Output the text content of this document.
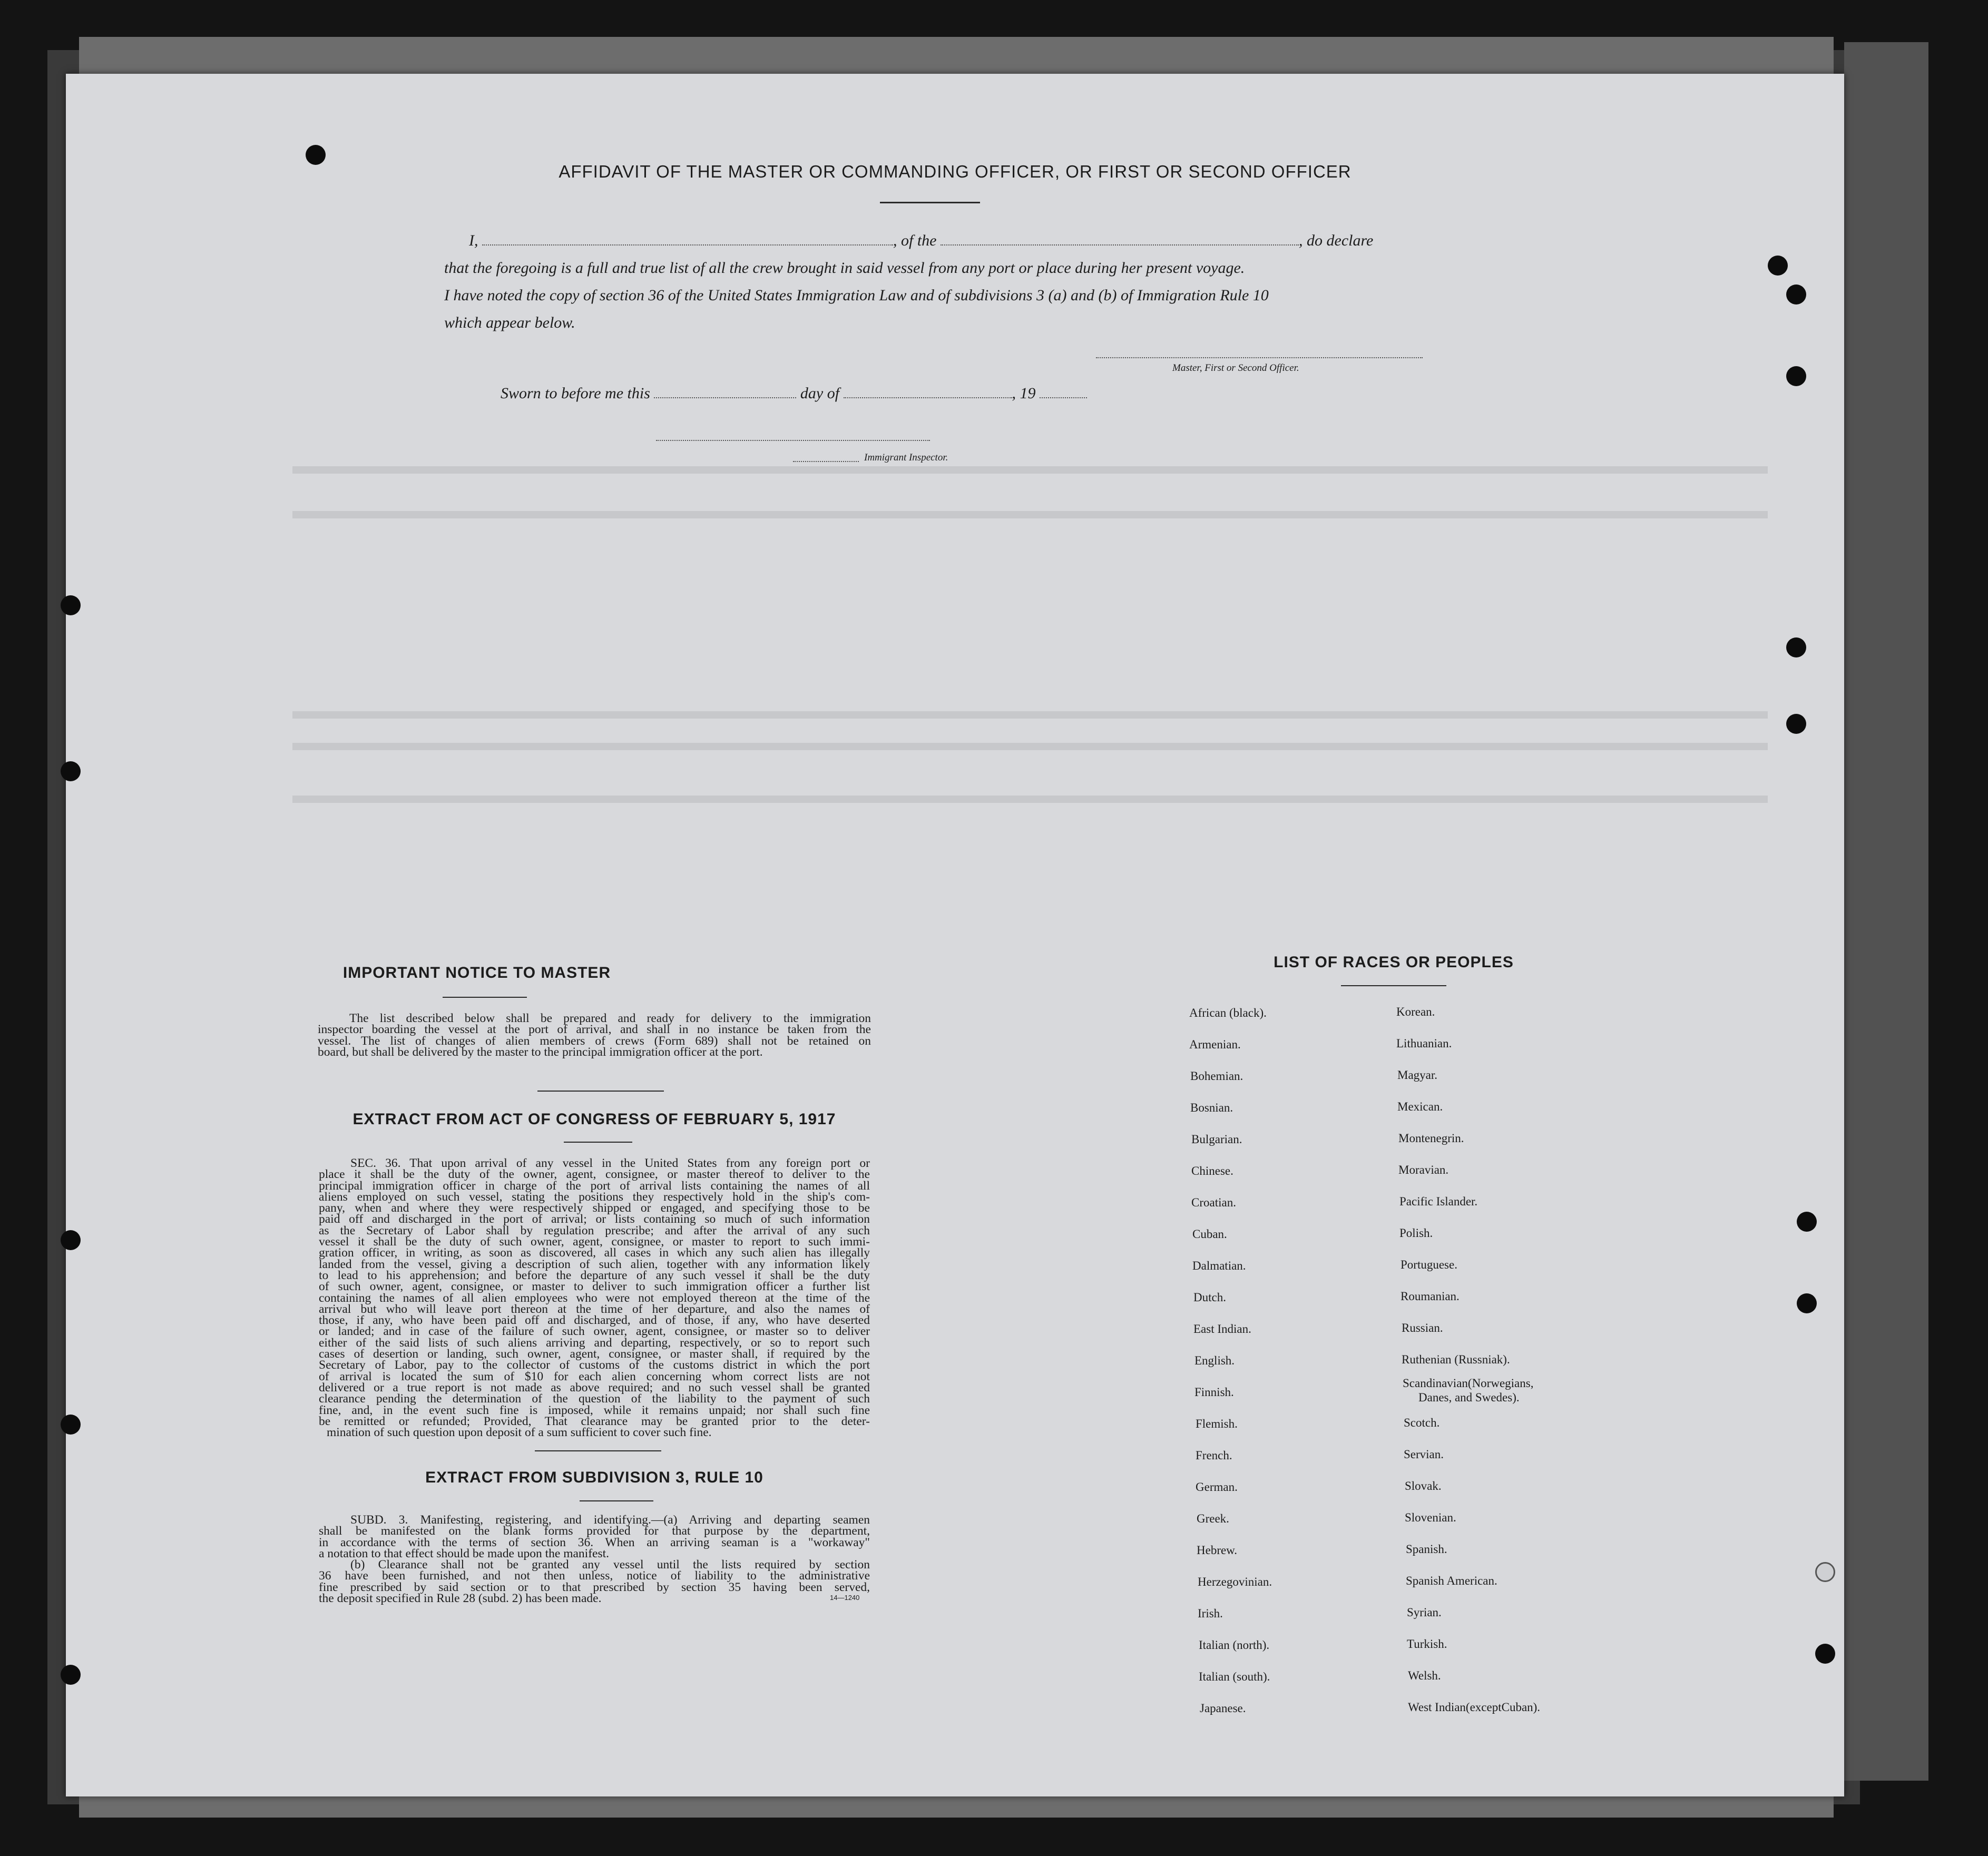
AFFIDAVIT OF THE MASTER OR COMMANDING OFFICER, OR FIRST OR SECOND OFFICER
I,	, of the	, do declare
that the foregoing is a full and true list of all the crew brought in said vessel from any port or place during her present voyage.
I have noted the copy of section 36 of the United States Immigration Law and of subdivisions 3 (a) and (b) of Immigration Rule 10
which appear below.
Master, First or Second Officer.
Sworn to before me this	day of	, 19
Immigrant Inspector.
IMPORTANT NOTICE TO MASTER
The list described below shall be prepared and ready for delivery to the immigration
inspector boarding the vessel at the port of arrival, and shall in no instance be taken from the
vessel. The list of changes of alien members of crews (Form 689) shall not be retained on
board, but shall be delivered by the master to the principal immigration officer at the port.
EXTRACT FROM ACT OF CONGRESS OF FEBRUARY 5, 1917
SEC. 36. That upon arrival of any vessel in the United States from any foreign port or
place it shall be the duty of the owner, agent, consignee, or master thereof to deliver to the
principal immigration officer in charge of the port of arrival lists containing the names of all
aliens employed on such vessel, stating the positions they respectively hold in the ship's com-
pany, when and where they were respectively shipped or engaged, and specifying those to be
paid off and discharged in the port of arrival; or lists containing so much of such information
as the Secretary of Labor shall by regulation prescribe; and after the arrival of any such
vessel it shall be the duty of such owner, agent, consignee, or master to report to such immi-
gration officer, in writing, as soon as discovered, all cases in which any such alien has illegally
landed from the vessel, giving a description of such alien, together with any information likely
to lead to his apprehension; and before the departure of any such vessel it shall be the duty
of such owner, agent, consignee, or master to deliver to such immigration officer a further list
containing the names of all alien employees who were not employed thereon at the time of the
arrival but who will leave port thereon at the time of her departure, and also the names of
those, if any, who have been paid off and discharged, and of those, if any, who have deserted
or landed; and in case of the failure of such owner, agent, consignee, or master so to deliver
either of the said lists of such aliens arriving and departing, respectively, or so to report such
cases of desertion or landing, such owner, agent, consignee, or master shall, if required by the
Secretary of Labor, pay to the collector of customs of the customs district in which the port
of arrival is located the sum of $10 for each alien concerning whom correct lists are not
delivered or a true report is not made as above required; and no such vessel shall be granted
clearance pending the determination of the question of the liability to the payment of such
fine, and, in the event such fine is imposed, while it remains unpaid; nor shall such fine
be remitted or refunded; Provided, That clearance may be granted prior to the deter-
mination of such question upon deposit of a sum sufficient to cover such fine.
EXTRACT FROM SUBDIVISION 3, RULE 10
SUBD. 3. Manifesting, registering, and identifying.—(a) Arriving and departing seamen
shall be manifested on the blank forms provided for that purpose by the department,
in accordance with the terms of section 36. When an arriving seaman is a "workaway"
a notation to that effect should be made upon the manifest.
(b) Clearance shall not be granted any vessel until the lists required by section
36 have been furnished, and not then unless, notice of liability to the administrative
fine prescribed by said section or to that prescribed by section 35 having been served,
the deposit specified in Rule 28 (subd. 2) has been made.	14—1240
LIST OF RACES OR PEOPLES
African (black).
Armenian.
Bohemian.
Bosnian.
Bulgarian.
Chinese.
Croatian.
Cuban.
Dalmatian.
Dutch.
East Indian.
English.
Finnish.
Flemish.
French.
German.
Greek.
Hebrew.
Herzegovinian.
Irish.
Italian (north).
Italian (south).
Japanese.
Korean.
Lithuanian.
Magyar.
Mexican.
Montenegrin.
Moravian.
Pacific Islander.
Polish.
Portuguese.
Roumanian.
Russian.
Ruthenian (Russniak).
Scandinavian(Norwegians,
Danes, and Swedes).
Scotch.
Servian.
Slovak.
Slovenian.
Spanish.
Spanish American.
Syrian.
Turkish.
Welsh.
West Indian(exceptCuban).
